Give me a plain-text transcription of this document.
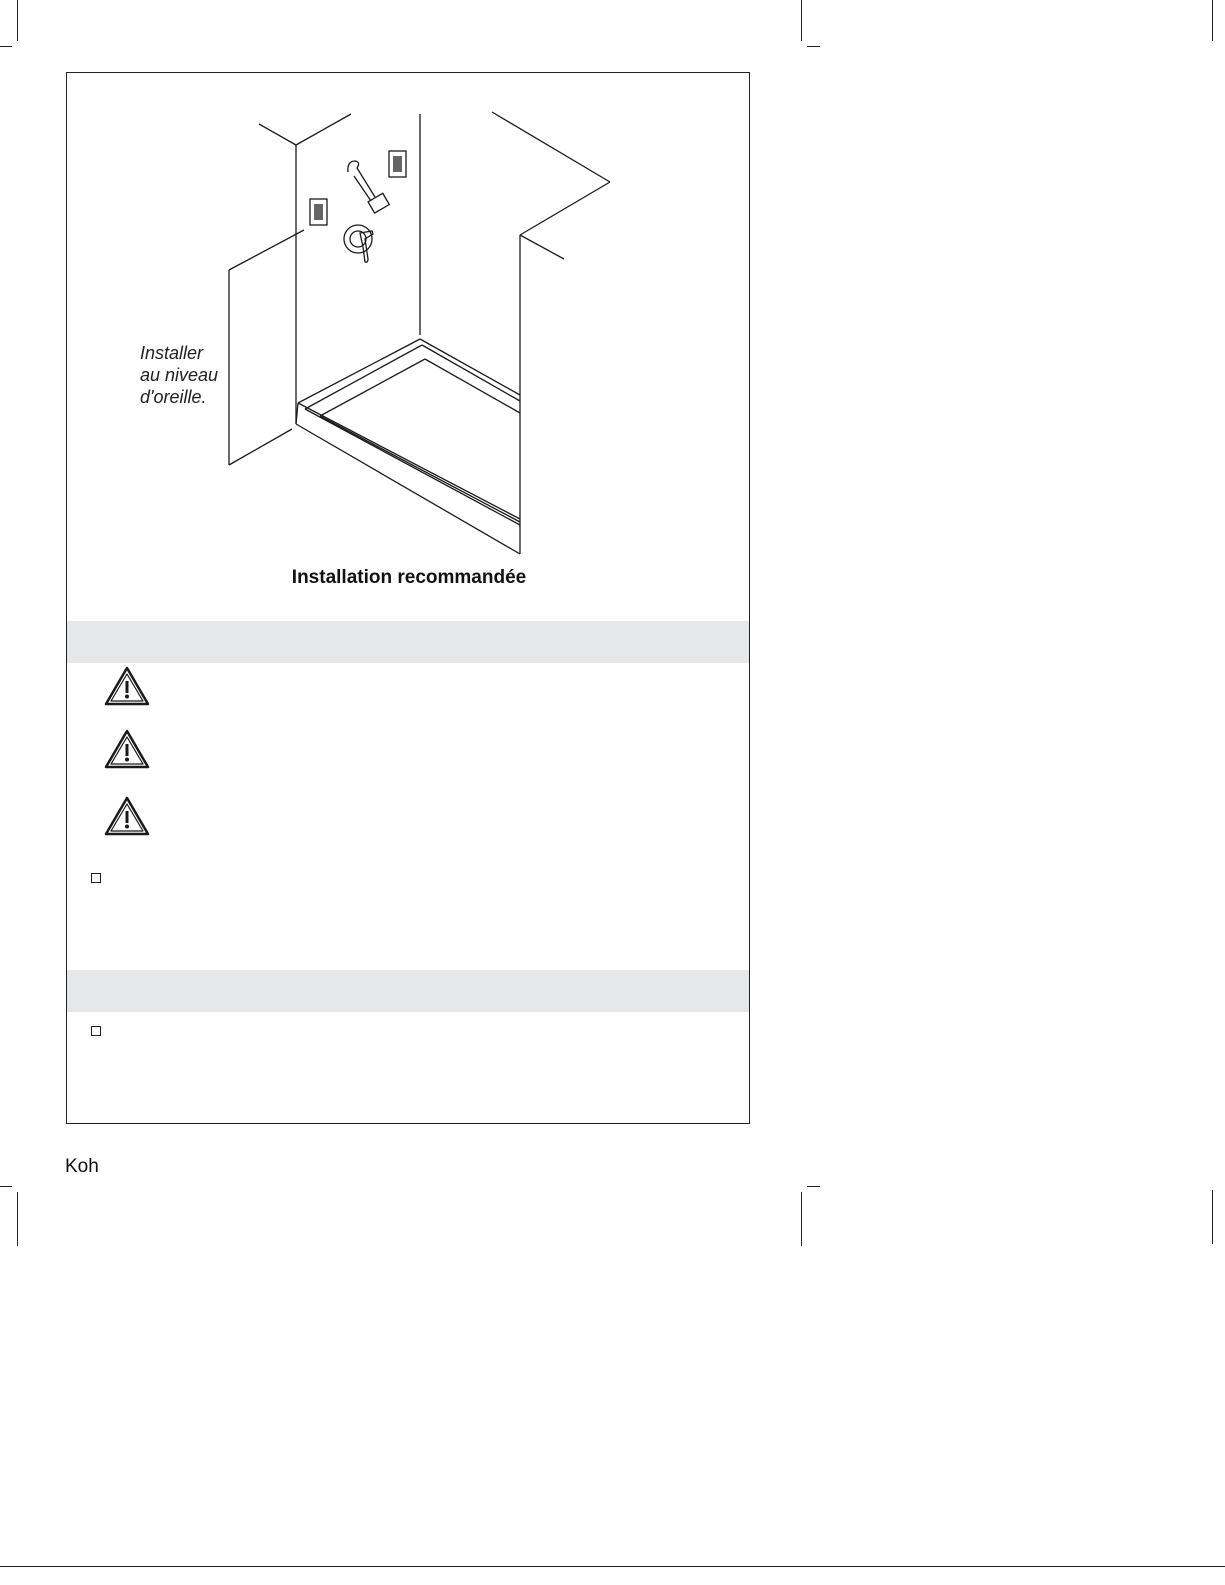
Installer
au niveau
d'oreille.
Installation recommandée
Koh
